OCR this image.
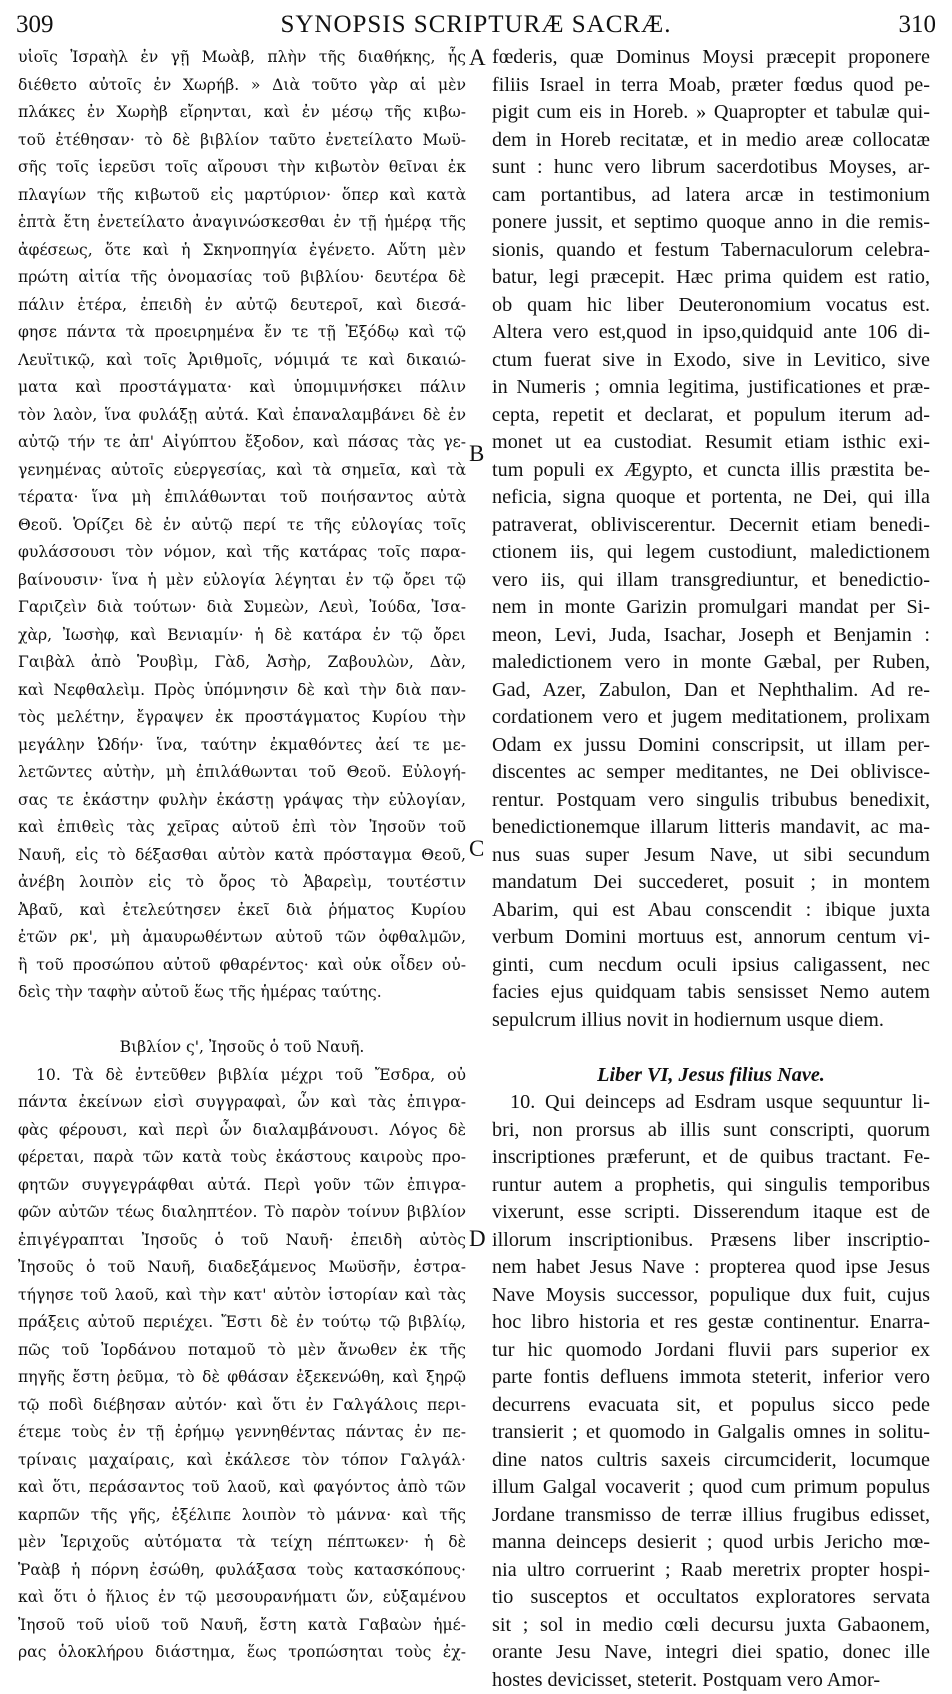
309	SYNOPSIS SCRIPTURÆ SACRÆ.	310
υἱοῖς Ἰσραὴλ ἐν γῇ Μωὰβ, πλὴν τῆς διαθήκης, ἧς
διέθετο αὐτοῖς ἐν Χωρήβ. » Διὰ τοῦτο γὰρ αἱ μὲν
πλάκες ἐν Χωρὴβ εἴρηνται, καὶ ἐν μέσῳ τῆς κιβω-
τοῦ ἐτέθησαν· τὸ δὲ βιβλίον ταῦτο ἐνετείλατο Μωϋ-
σῆς τοῖς ἱερεῦσι τοῖς αἴρουσι τὴν κιβωτὸν θεῖναι ἐκ
πλαγίων τῆς κιβωτοῦ εἰς μαρτύριον· ὅπερ καὶ κατὰ
ἑπτὰ ἔτη ἐνετείλατο ἀναγινώσκεσθαι ἐν τῇ ἡμέρᾳ τῆς
ἀφέσεως, ὅτε καὶ ἡ Σκηνοπηγία ἐγένετο. Αὕτη μὲν
πρώτη αἰτία τῆς ὀνομασίας τοῦ βιβλίου· δευτέρα δὲ
πάλιν ἑτέρα, ἐπειδὴ ἐν αὐτῷ δευτεροῖ, καὶ διεσά-
φησε πάντα τὰ προειρημένα ἔν τε τῇ Ἐξόδῳ καὶ τῷ
Λευϊτικῷ, καὶ τοῖς Ἀριθμοῖς, νόμιμά τε καὶ δικαιώ-
ματα καὶ προστάγματα· καὶ ὑπομιμνήσκει πάλιν
τὸν λαὸν, ἵνα φυλάξῃ αὐτά. Καὶ ἐπαναλαμβάνει δὲ ἐν
αὐτῷ τήν τε ἀπ' Αἰγύπτου ἔξοδον, καὶ πάσας τὰς γε-
γενημένας αὐτοῖς εὐεργεσίας, καὶ τὰ σημεῖα, καὶ τὰ
τέρατα· ἵνα μὴ ἐπιλάθωνται τοῦ ποιήσαντος αὐτὰ
Θεοῦ. Ὁρίζει δὲ ἐν αὐτῷ περί τε τῆς εὐλογίας τοῖς
φυλάσσουσι τὸν νόμον, καὶ τῆς κατάρας τοῖς παρα-
βαίνουσιν· ἵνα ἡ μὲν εὐλογία λέγηται ἐν τῷ ὄρει τῷ
Γαριζεὶν διὰ τούτων· διὰ Συμεὼν, Λευὶ, Ἰούδα, Ἰσα-
χὰρ, Ἰωσὴφ, καὶ Βενιαμίν· ἡ δὲ κατάρα ἐν τῷ ὄρει
Γαιβὰλ ἀπὸ Ῥουβὶμ, Γὰδ, Ἀσὴρ, Ζαβουλὼν, Δὰν,
καὶ Νεφθαλεὶμ. Πρὸς ὑπόμνησιν δὲ καὶ τὴν διὰ παν-
τὸς μελέτην, ἔγραψεν ἐκ προστάγματος Κυρίου τὴν
μεγάλην Ὠδήν· ἵνα, ταύτην ἐκμαθόντες ἀεί τε με-
λετῶντες αὐτὴν, μὴ ἐπιλάθωνται τοῦ Θεοῦ. Εὐλογή-
σας τε ἑκάστην φυλὴν ἑκάστῃ γράψας τὴν εὐλογίαν,
καὶ ἐπιθεὶς τὰς χεῖρας αὐτοῦ ἐπὶ τὸν Ἰησοῦν τοῦ
Ναυῆ, εἰς τὸ δέξασθαι αὐτὸν κατὰ πρόσταγμα Θεοῦ,
ἀνέβη λοιπὸν εἰς τὸ ὄρος τὸ Ἀβαρεὶμ, τουτέστιν
Ἀβαῦ, καὶ ἐτελεύτησεν ἐκεῖ διὰ ῥήματος Κυρίου
ἐτῶν ρκ', μὴ ἀμαυρωθέντων αὐτοῦ τῶν ὀφθαλμῶν,
ἢ τοῦ προσώπου αὐτοῦ φθαρέντος· καὶ οὐκ οἶδεν οὐ-
δεὶς τὴν ταφὴν αὐτοῦ ἕως τῆς ἡμέρας ταύτης.
Βιβλίον ς', Ἰησοῦς ὁ τοῦ Ναυῆ.
10. Τὰ δὲ ἐντεῦθεν βιβλία μέχρι τοῦ Ἔσδρα, οὐ
πάντα ἐκείνων εἰσὶ συγγραφαὶ, ὧν καὶ τὰς ἐπιγρα-
φὰς φέρουσι, καὶ περὶ ὧν διαλαμβάνουσι. Λόγος δὲ
φέρεται, παρὰ τῶν κατὰ τοὺς ἑκάστους καιροὺς προ-
φητῶν συγγεγράφθαι αὐτά. Περὶ γοῦν τῶν ἐπιγρα-
φῶν αὐτῶν τέως διαληπτέον. Τὸ παρὸν τοίνυν βιβλίον
ἐπιγέγραπται Ἰησοῦς ὁ τοῦ Ναυῆ· ἐπειδὴ αὐτὸς
Ἰησοῦς ὁ τοῦ Ναυῆ, διαδεξάμενος Μωϋσῆν, ἐστρα-
τήγησε τοῦ λαοῦ, καὶ τὴν κατ' αὐτὸν ἱστορίαν καὶ τὰς
πράξεις αὐτοῦ περιέχει. Ἔστι δὲ ἐν τούτῳ τῷ βιβλίῳ,
πῶς τοῦ Ἰορδάνου ποταμοῦ τὸ μὲν ἄνωθεν ἐκ τῆς
πηγῆς ἔστη ῥεῦμα, τὸ δὲ φθάσαν ἐξεκενώθη, καὶ ξηρῷ
τῷ ποδὶ διέβησαν αὐτόν· καὶ ὅτι ἐν Γαλγάλοις περι-
έτεμε τοὺς ἐν τῇ ἐρήμῳ γεννηθέντας πάντας ἐν πε-
τρίναις μαχαίραις, καὶ ἐκάλεσε τὸν τόπον Γαλγάλ·
καὶ ὅτι, περάσαντος τοῦ λαοῦ, καὶ φαγόντος ἀπὸ τῶν
καρπῶν τῆς γῆς, ἐξέλιπε λοιπὸν τὸ μάννα· καὶ τῆς
μὲν Ἱεριχοῦς αὐτόματα τὰ τείχη πέπτωκεν· ἡ δὲ
Ῥαὰβ ἡ πόρνη ἐσώθη, φυλάξασα τοὺς κατασκόπους·
καὶ ὅτι ὁ ἥλιος ἐν τῷ μεσουρανήματι ὤν, εὐξαμένου
Ἰησοῦ τοῦ υἱοῦ τοῦ Ναυῆ, ἔστη κατὰ Γαβαὼν ἡμέ-
ρας ὁλοκλήρου διάστημα, ἕως τροπώσηται τοὺς ἐχ-
fœderis, quæ Dominus Moysi præcepit proponere
filiis Israel in terra Moab, præter fœdus quod pe-
pigit cum eis in Horeb. » Quapropter et tabulæ qui-
dem in Horeb recitatæ, et in medio areæ collocatæ
sunt : hunc vero librum sacerdotibus Moyses, ar-
cam portantibus, ad latera arcæ in testimonium
ponere jussit, et septimo quoque anno in die remis-
sionis, quando et festum Tabernaculorum celebra-
batur, legi præcepit. Hæc prima quidem est ratio,
ob quam hic liber Deuteronomium vocatus est.
Altera vero est,quod in ipso,quidquid ante 106 di-
ctum fuerat sive in Exodo, sive in Levitico, sive
in Numeris ; omnia legitima, justificationes et præ-
cepta, repetit et declarat, et populum iterum ad-
monet ut ea custodiat. Resumit etiam isthic exi-
tum populi ex Ægypto, et cuncta illis præstita be-
neficia, signa quoque et portenta, ne Dei, qui illa
patraverat, obliviscerentur. Decernit etiam benedi-
ctionem iis, qui legem custodiunt, maledictionem
vero iis, qui illam transgrediuntur, et benedictio-
nem in monte Garizin promulgari mandat per Si-
meon, Levi, Juda, Isachar, Joseph et Benjamin :
maledictionem vero in monte Gæbal, per Ruben,
Gad, Azer, Zabulon, Dan et Nephthalim. Ad re-
cordationem vero et jugem meditationem, prolixam
Odam ex jussu Domini conscripsit, ut illam per-
discentes ac semper meditantes, ne Dei oblivisce-
rentur. Postquam vero singulis tribubus benedixit,
benedictionemque illarum litteris mandavit, ac ma-
nus suas super Jesum Nave, ut sibi secundum
mandatum Dei succederet, posuit ; in montem
Abarim, qui est Abau conscendit : ibique juxta
verbum Domini mortuus est, annorum centum vi-
ginti, cum necdum oculi ipsius caligassent, nec
facies ejus quidquam tabis sensisset Nemo autem
sepulcrum illius novit in hodiernum usque diem.
Liber VI, Jesus filius Nave.
10. Qui deinceps ad Esdram usque sequuntur li-
bri, non prorsus ab illis sunt conscripti, quorum
inscriptiones præferunt, et de quibus tractant. Fe-
runtur autem a prophetis, qui singulis temporibus
vixerunt, esse scripti. Disserendum itaque est de
illorum inscriptionibus. Præsens liber inscriptio-
nem habet Jesus Nave : propterea quod ipse Jesus
Nave Moysis successor, populique dux fuit, cujus
hoc libro historia et res gestæ continentur. Enarra-
tur hic quomodo Jordani fluvii pars superior ex
parte fontis defluens immota steterit, inferior vero
decurrens evacuata sit, et populus sicco pede
transierit ; et quomodo in Galgalis omnes in solitu-
dine natos cultris saxeis circumciderit, locumque
illum Galgal vocaverit ; quod cum primum populus
Jordane transmisso de terræ illius frugibus edisset,
manna deinceps desierit ; quod urbis Jericho mœ-
nia ultro corruerint ; Raab meretrix propter hospi-
tio susceptos et occultatos exploratores servata
sit ; sol in medio cœli decursu juxta Gabaonem,
orante Jesu Nave, integri diei spatio, donec ille
hostes devicisset, steterit. Postquam vero Amor-
A
B
C
D
